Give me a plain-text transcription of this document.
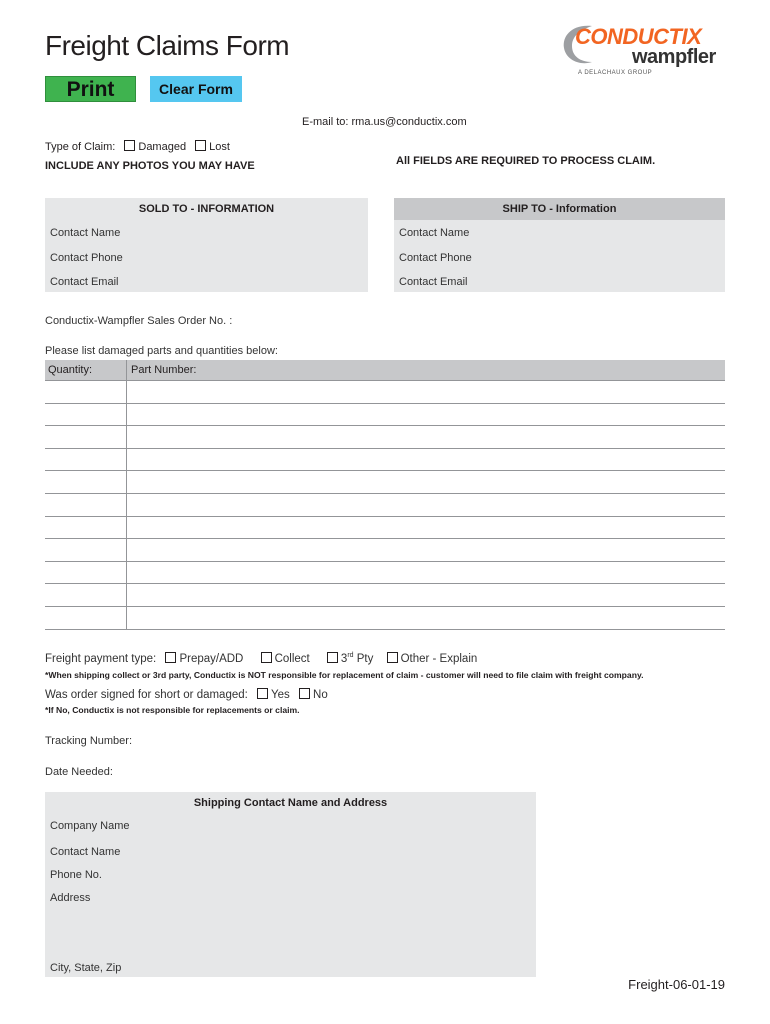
Freight Claims Form
Print	Clear Form
CONDUCTIX
wampfler
A DELACHAUX GROUP
E-mail to: rma.us@conductix.com
Type of Claim: Damaged Lost
INCLUDE ANY PHOTOS YOU MAY HAVE	All FIELDS ARE REQUIRED TO PROCESS CLAIM.
SOLD TO - INFORMATION
Contact Name
Contact Phone
Contact Email
SHIP TO - Information
Contact Name
Contact Phone
Contact Email
Conductix-Wampfler Sales Order No. :
Please list damaged parts and quantities below:
Quantity:	Part Number:

Freight payment type: Prepay/ADD	Collect	3rd Pty Other - Explain
*When shipping collect or 3rd party, Conductix is NOT responsible for replacement of claim - customer will need to file claim with freight company.
Was order signed for short or damaged: Yes No
*If No, Conductix is not responsible for replacements or claim.
Tracking Number:
Date Needed:
Shipping Contact Name and Address
Company Name
Contact Name
Phone No.
Address
City, State, Zip
Freight-06-01-19
